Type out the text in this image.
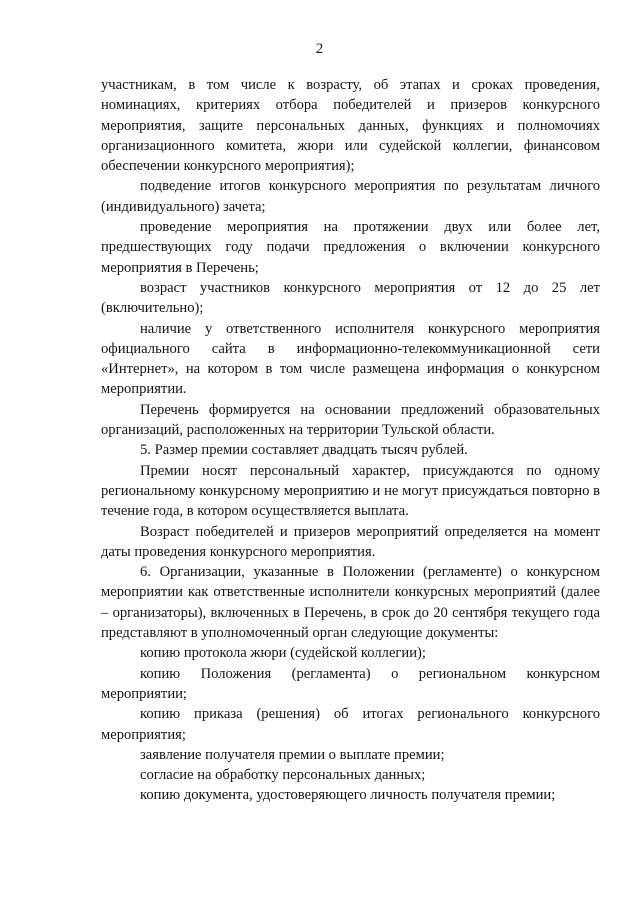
2

участникам, в том числе к возрасту, об этапах и сроках проведения, номинациях, критериях отбора победителей и призеров конкурсного мероприятия, защите персональных данных, функциях и полномочиях организационного комитета, жюри или судейской коллегии, финансовом обеспечении конкурсного мероприятия);

подведение итогов конкурсного мероприятия по результатам личного (индивидуального) зачета;

проведение мероприятия на протяжении двух или более лет, предшествующих году подачи предложения о включении конкурсного мероприятия в Перечень;

возраст участников конкурсного мероприятия от 12 до 25 лет (включительно);

наличие у ответственного исполнителя конкурсного мероприятия официального сайта в информационно-телекоммуникационной сети «Интернет», на котором в том числе размещена информация о конкурсном мероприятии.

Перечень формируется на основании предложений образовательных организаций, расположенных на территории Тульской области.

5. Размер премии составляет двадцать тысяч рублей.

Премии носят персональный характер, присуждаются по одному региональному конкурсному мероприятию и не могут присуждаться повторно в течение года, в котором осуществляется выплата.

Возраст победителей и призеров мероприятий определяется на момент даты проведения конкурсного мероприятия.

6. Организации, указанные в Положении (регламенте) о конкурсном мероприятии как ответственные исполнители конкурсных мероприятий (далее – организаторы), включенных в Перечень, в срок до 20 сентября текущего года представляют в уполномоченный орган следующие документы:

копию протокола жюри (судейской коллегии);

копию Положения (регламента) о региональном конкурсном мероприятии;

копию приказа (решения) об итогах регионального конкурсного мероприятия;

заявление получателя премии о выплате премии;

согласие на обработку персональных данных;

копию документа, удостоверяющего личность получателя премии;
